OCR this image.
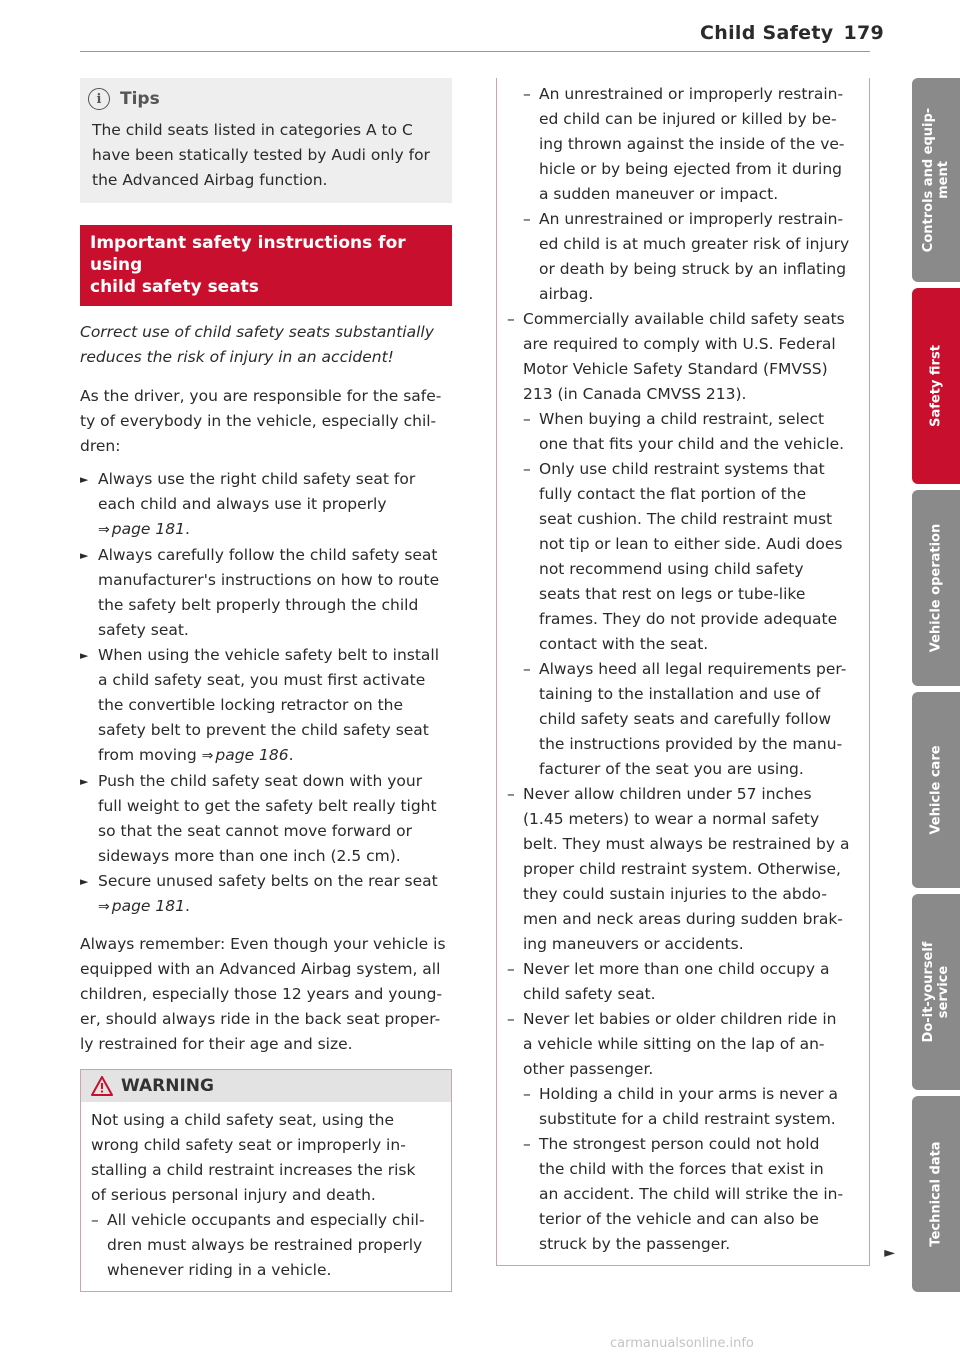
Child Safety 179
i	Tips

The child seats listed in categories A to C
have been statically tested by Audi only for
the Advanced Airbag function.

Important safety instructions for using
child safety seats

Correct use of child safety seats substantially
reduces the risk of injury in an accident!

As the driver, you are responsible for the safe-
ty of everybody in the vehicle, especially chil-
dren:

► Always use the right child safety seat for
each child and always use it properly
⇒ page 181.
► Always carefully follow the child safety seat
manufacturer's instructions on how to route
the safety belt properly through the child
safety seat.
► When using the vehicle safety belt to install
a child safety seat, you must first activate
the convertible locking retractor on the
safety belt to prevent the child safety seat
from moving ⇒ page 186.
► Push the child safety seat down with your
full weight to get the safety belt really tight
so that the seat cannot move forward or
sideways more than one inch (2.5 cm).
► Secure unused safety belts on the rear seat
⇒ page 181.

Always remember: Even though your vehicle is
equipped with an Advanced Airbag system, all
children, especially those 12 years and young-
er, should always ride in the back seat proper-
ly restrained for their age and size.

WARNING

Not using a child safety seat, using the
wrong child safety seat or improperly in-
stalling a child restraint increases the risk
of serious personal injury and death.

– All vehicle occupants and especially chil-
dren must always be restrained properly
whenever riding in a vehicle.
– An unrestrained or improperly restrain-
ed child can be injured or killed by be-
ing thrown against the inside of the ve-
hicle or by being ejected from it during
a sudden maneuver or impact.
– An unrestrained or improperly restrain-
ed child is at much greater risk of injury
or death by being struck by an inflating
airbag.
– Commercially available child safety seats
are required to comply with U.S. Federal
Motor Vehicle Safety Standard (FMVSS)
213 (in Canada CMVSS 213).
– When buying a child restraint, select
one that fits your child and the vehicle.
– Only use child restraint systems that
fully contact the flat portion of the
seat cushion. The child restraint must
not tip or lean to either side. Audi does
not recommend using child safety
seats that rest on legs or tube-like
frames. They do not provide adequate
contact with the seat.
– Always heed all legal requirements per-
taining to the installation and use of
child safety seats and carefully follow
the instructions provided by the manu-
facturer of the seat you are using.
– Never allow children under 57 inches
(1.45 meters) to wear a normal safety
belt. They must always be restrained by a
proper child restraint system. Otherwise,
they could sustain injuries to the abdo-
men and neck areas during sudden brak-
ing maneuvers or accidents.
– Never let more than one child occupy a
child safety seat.
– Never let babies or older children ride in
a vehicle while sitting on the lap of an-
other passenger.
– Holding a child in your arms is never a
substitute for a child restraint system.
– The strongest person could not hold
the child with the forces that exist in
an accident. The child will strike the in-
terior of the vehicle and can also be
struck by the passenger.	►
Controls and equip-
ment
Safety first
Vehicle operation
Vehicle care
Do-it-yourself
service
Technical data
carmanualsonline.info
